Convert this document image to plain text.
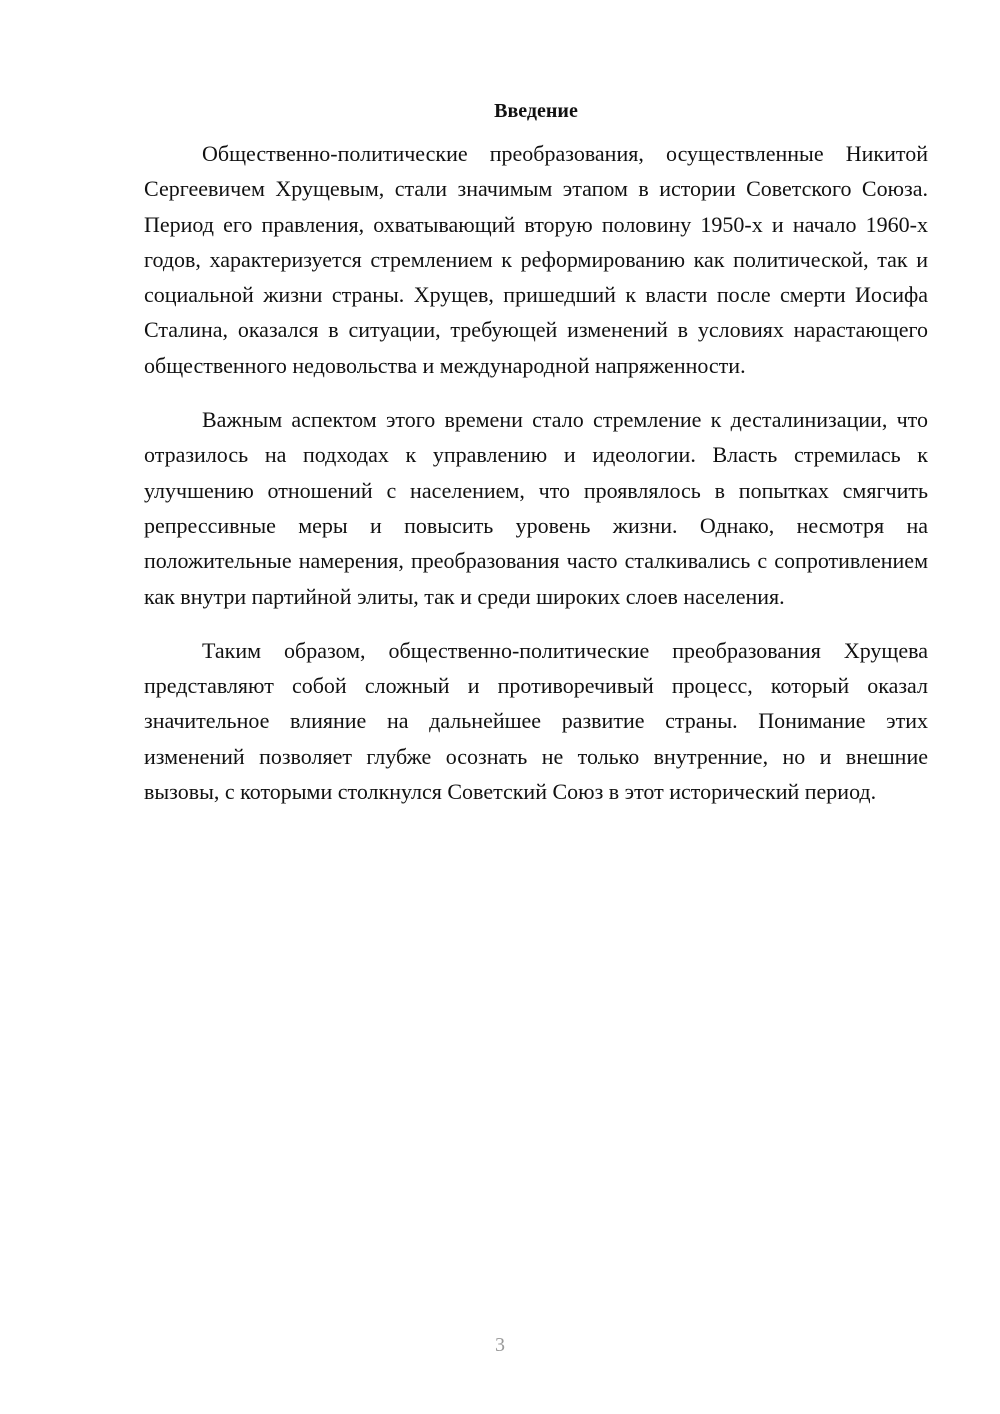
Введение

Общественно-политические преобразования, осуществленные Никитой Сергеевичем Хрущевым, стали значимым этапом в истории Советского Союза. Период его правления, охватывающий вторую половину 1950-х и начало 1960-х годов, характеризуется стремлением к реформированию как политической, так и социальной жизни страны. Хрущев, пришедший к власти после смерти Иосифа Сталина, оказался в ситуации, требующей изменений в условиях нарастающего общественного недовольства и международной напряженности.

Важным аспектом этого времени стало стремление к десталинизации, что отразилось на подходах к управлению и идеологии. Власть стремилась к улучшению отношений с населением, что проявлялось в попытках смягчить репрессивные меры и повысить уровень жизни. Однако, несмотря на положительные намерения, преобразования часто сталкивались с сопротивлением как внутри партийной элиты, так и среди широких слоев населения.

Таким образом, общественно-политические преобразования Хрущева представляют собой сложный и противоречивый процесс, который оказал значительное влияние на дальнейшее развитие страны. Понимание этих изменений позволяет глубже осознать не только внутренние, но и внешние вызовы, с которыми столкнулся Советский Союз в этот исторический период.

3
